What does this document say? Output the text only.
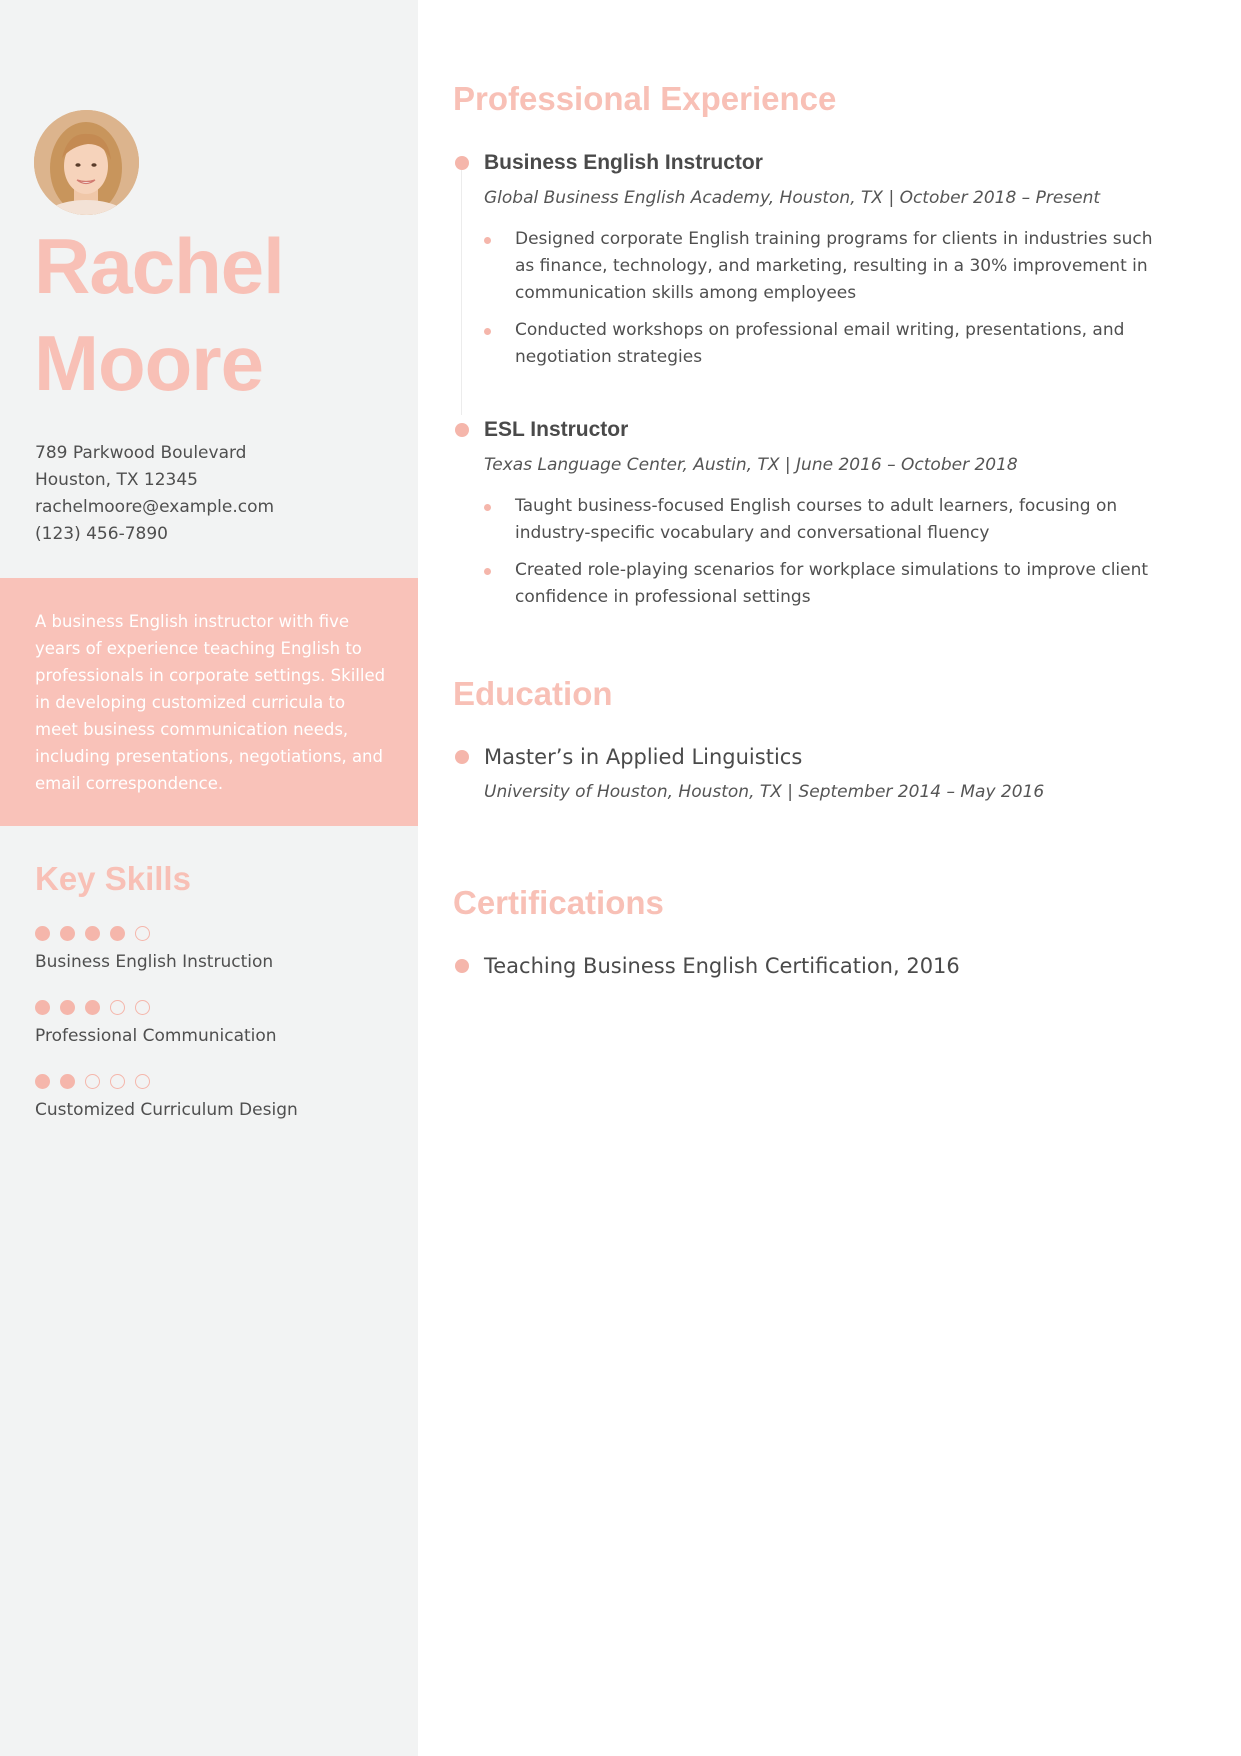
Rachel
Moore
789 Parkwood Boulevard
Houston, TX 12345
rachelmoore@example.com
(123) 456-7890

A business English instructor with five years of experience teaching English to professionals in corporate settings. Skilled in developing customized curricula to meet business communication needs, including presentations, negotiations, and email correspondence.

Key Skills
Business English Instruction
Professional Communication
Customized Curriculum Design
Professional Experience
Business English Instructor
Global Business English Academy, Houston, TX | October 2018 – Present
Designed corporate English training programs for clients in industries such as finance, technology, and marketing, resulting in a 30% improvement in communication skills among employees
Conducted workshops on professional email writing, presentations, and negotiation strategies
ESL Instructor
Texas Language Center, Austin, TX | June 2016 – October 2018
Taught business-focused English courses to adult learners, focusing on industry-specific vocabulary and conversational fluency
Created role-playing scenarios for workplace simulations to improve client confidence in professional settings
Education
Master’s in Applied Linguistics
University of Houston, Houston, TX | September 2014 – May 2016
Certifications
Teaching Business English Certification, 2016
